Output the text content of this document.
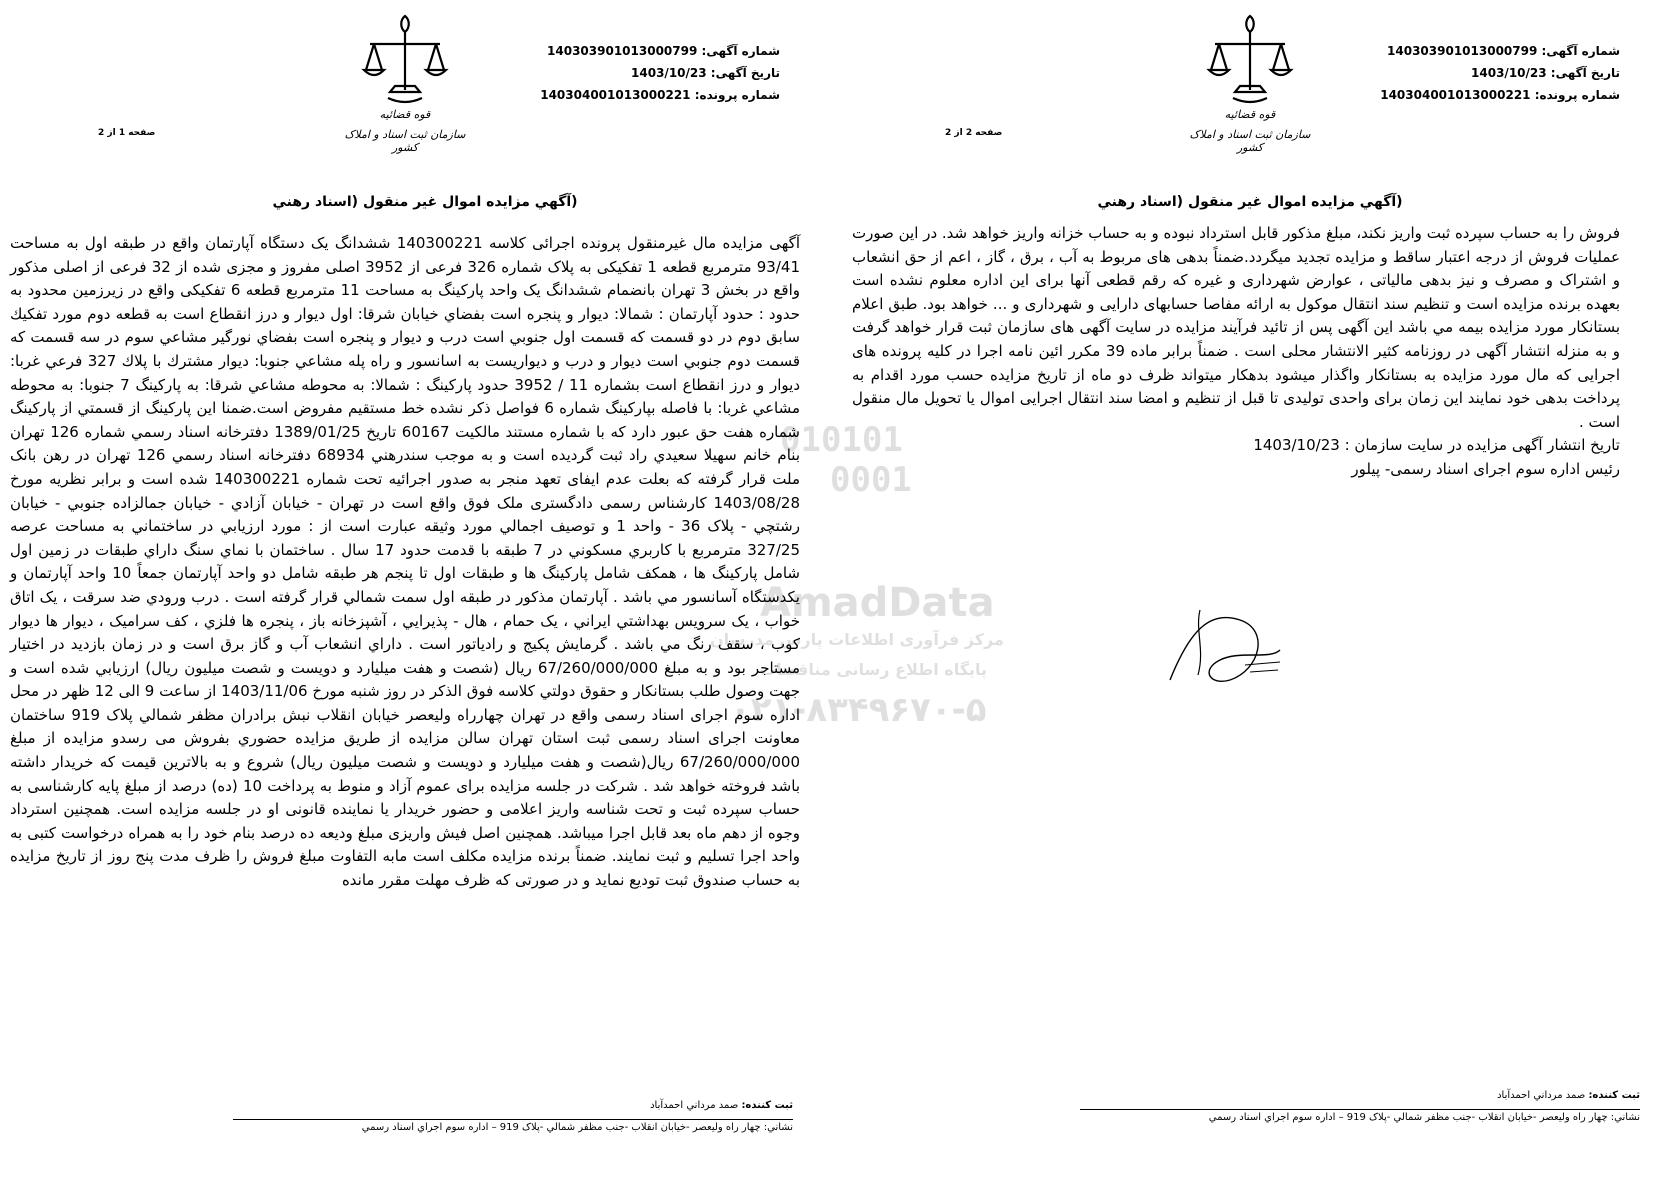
010101
0001
AmadData
مرکز فرآوری اطلاعات پارس مدرسان
پایگاه اطلاع رسانی مناقصات
۰۲۱-۸۳۴۹۶۷۰-۵
شماره آگهی: 140303901013000799
تاریخ آگهی: 1403/10/23
شماره پرونده: 140304001013000221
قوه قضائیه
سازمان ثبت اسناد و املاک کشور
صفحه 2 از 2
(آگهي مزايده اموال غير منقول (اسناد رهني

فروش را به حساب سپرده ثبت واریز نکند، مبلغ مذکور قابل استرداد نبوده و به حساب خزانه واریز خواهد شد. در این صورت عملیات فروش از درجه اعتبار ساقط و مزایده تجدید میگردد.ضمناً بدهی های مربوط به آب ، برق ، گاز ، اعم از حق انشعاب و اشتراک و مصرف و نیز بدهی مالیاتی ، عوارض شهرداری و غیره که رقم قطعی آنها برای این اداره معلوم نشده است بعهده برنده مزایده است و تنظیم سند انتقال موکول به ارائه مفاصا حسابهای دارایی و شهرداری و ... خواهد بود. طبق اعلام بستانکار مورد مزایده بیمه مي باشد این آگهی پس از تائید فرآیند مزایده در سایت آگهی های سازمان ثبت قرار خواهد گرفت و به منزله انتشار آگهی در روزنامه کثیر الانتشار محلی است . ضمناً برابر ماده 39 مکرر ائین نامه اجرا در کلیه پرونده های اجرایی که مال مورد مزایده به بستانکار واگذار میشود بدهکار میتواند ظرف دو ماه از تاریخ مزایده حسب مورد اقدام به پرداخت بدهی خود نمایند این زمان برای واحدی تولیدی تا قبل از تنظیم و امضا سند انتقال اجرایی اموال یا تحویل مال منقول است .

تاریخ انتشار آگهی مزایده در سایت سازمان : 1403/10/23
رئیس اداره سوم اجرای اسناد رسمی- پیلور
ثبت کننده: صمد مرداني احمدآباد
نشاني: چهار راه وليعصر -خيابان انقلاب -جنب مظفر شمالي -پلاک 919 – اداره سوم اجراي اسناد رسمي
شماره آگهی: 140303901013000799
تاریخ آگهی: 1403/10/23
شماره پرونده: 140304001013000221
قوه قضائیه
سازمان ثبت اسناد و املاک کشور
صفحه 1 از 2
(آگهي مزايده اموال غير منقول (اسناد رهني

آگهی مزایده مال غیرمنقول پرونده اجرائی کلاسه 140300221 ششدانگ یک دستگاه آپارتمان واقع در طبقه اول به مساحت 93/41 مترمربع قطعه 1 تفکیکی به پلاک شماره 326 فرعی از 3952 اصلی مفروز و مجزی شده از 32 فرعی از اصلی مذکور واقع در بخش 3 تهران بانضمام ششدانگ یک واحد پارکینگ به مساحت 11 مترمربع قطعه 6 تفکیکی واقع در زیرزمین محدود به حدود : حدود آپارتمان : شمالا: ديوار و پنجره است بفضاي خيابان شرقا: اول ديوار و درز انقطاع است به قطعه دوم مورد تفکيك سابق دوم در دو قسمت که قسمت اول جنوبي است درب و ديوار و پنجره است بفضاي نورگير مشاعي سوم در سه قسمت که قسمت دوم جنوبي است ديوار و درب و ديواريست به اسانسور و راه پله مشاعي جنوبا: ديوار مشترك با پلاك 327 فرعي غربا: ديوار و درز انقطاع است بشماره 11 / 3952 حدود پارکینگ : شمالا: به محوطه مشاعي شرقا: به پارکينگ 7 جنوبا: به محوطه مشاعي غربا: با فاصله بپارکينگ شماره 6 فواصل ذکر نشده خط مستقيم مفروض است.ضمنا اين پارکينگ از قسمتي از پارکينگ شماره هفت حق عبور دارد که با شماره مستند مالکیت 60167 تاریخ 1389/01/25 دفترخانه اسناد رسمي شماره 126 تهران بنام خانم سهيلا سعيدي راد ثبت گرديده است و به موجب سندرهني 68934 دفترخانه اسناد رسمي 126 تهران در رهن بانک ملت قرار گرفته که بعلت عدم ایفای تعهد منجر به صدور اجرائیه تحت شماره 140300221 شده است و برابر نظریه مورخ 1403/08/28 کارشناس رسمی دادگستری ملک فوق واقع است در تهران - خيابان آزادي - خيابان جمالزاده جنوبي - خيابان رشتچي - پلاک 36 - واحد 1 و توصيف اجمالي مورد وثيقه عبارت است از : مورد ارزيابي در ساختماني به مساحت عرصه 327/25 مترمربع با کاربري مسکوني در 7 طبقه با قدمت حدود 17 سال . ساختمان با نماي سنگ داراي طبقات در زمين اول شامل پارکينگ ها ، همکف شامل پارکينگ ها و طبقات اول تا پنجم هر طبقه شامل دو واحد آپارتمان جمعاً 10 واحد آپارتمان و يکدستگاه آسانسور مي باشد . آپارتمان مذکور در طبقه اول سمت شمالي قرار گرفته است . درب ورودي ضد سرقت ، يک اتاق خواب ، يک سرويس بهداشتي ايراني ، يک حمام ، هال - پذيرايي ، آشپزخانه باز ، پنجره ها فلزي ، کف سراميک ، ديوار ها ديوار کوب ، سقف رنگ مي باشد . گرمايش پکيج و رادياتور است . داراي انشعاب آب و گاز برق است و در زمان بازديد در اختيار مستاجر بود و به مبلغ 67/260/000/000 ريال (شصت و هفت ميليارد و دويست و شصت ميليون ريال) ارزيابي شده است و جهت وصول طلب بستانکار و حقوق دولتي کلاسه فوق الذکر در روز شنبه مورخ 1403/11/06 از ساعت 9 الی 12 ظهر در محل اداره سوم اجرای اسناد رسمی واقع در تهران چهارراه وليعصر خيابان انقلاب نبش برادران مظفر شمالي پلاک 919 ساختمان معاونت اجرای اسناد رسمی ثبت استان تهران سالن مزایده از طريق مزايده حضوري بفروش می رسدو مزايده از مبلغ 67/260/000/000 ریال(شصت و هفت ميليارد و دويست و شصت ميليون ريال) شروع و به بالاترین قیمت که خریدار داشته باشد فروخته خواهد شد . شرکت در جلسه مزایده برای عموم آزاد و منوط به پرداخت 10 (ده) درصد از مبلغ پایه کارشناسی به حساب سپرده ثبت و تحت شناسه واریز اعلامی و حضور خریدار یا نماینده قانونی او در جلسه مزایده است. همچنین استرداد وجوه از دهم ماه بعد قابل اجرا میباشد. همچنین اصل فیش واریزی مبلغ ودیعه ده درصد بنام خود را به همراه درخواست کتبی به واحد اجرا تسلیم و ثبت نمایند. ضمناً برنده مزایده مکلف است مابه التفاوت مبلغ فروش را ظرف مدت پنج روز از تاریخ مزایده به حساب صندوق ثبت توديع نمايد و در صورتی که ظرف مهلت مقرر مانده

ثبت کننده: صمد مرداني احمدآباد
نشاني: چهار راه وليعصر -خيابان انقلاب -جنب مظفر شمالي -پلاک 919 – اداره سوم اجراي اسناد رسمي
